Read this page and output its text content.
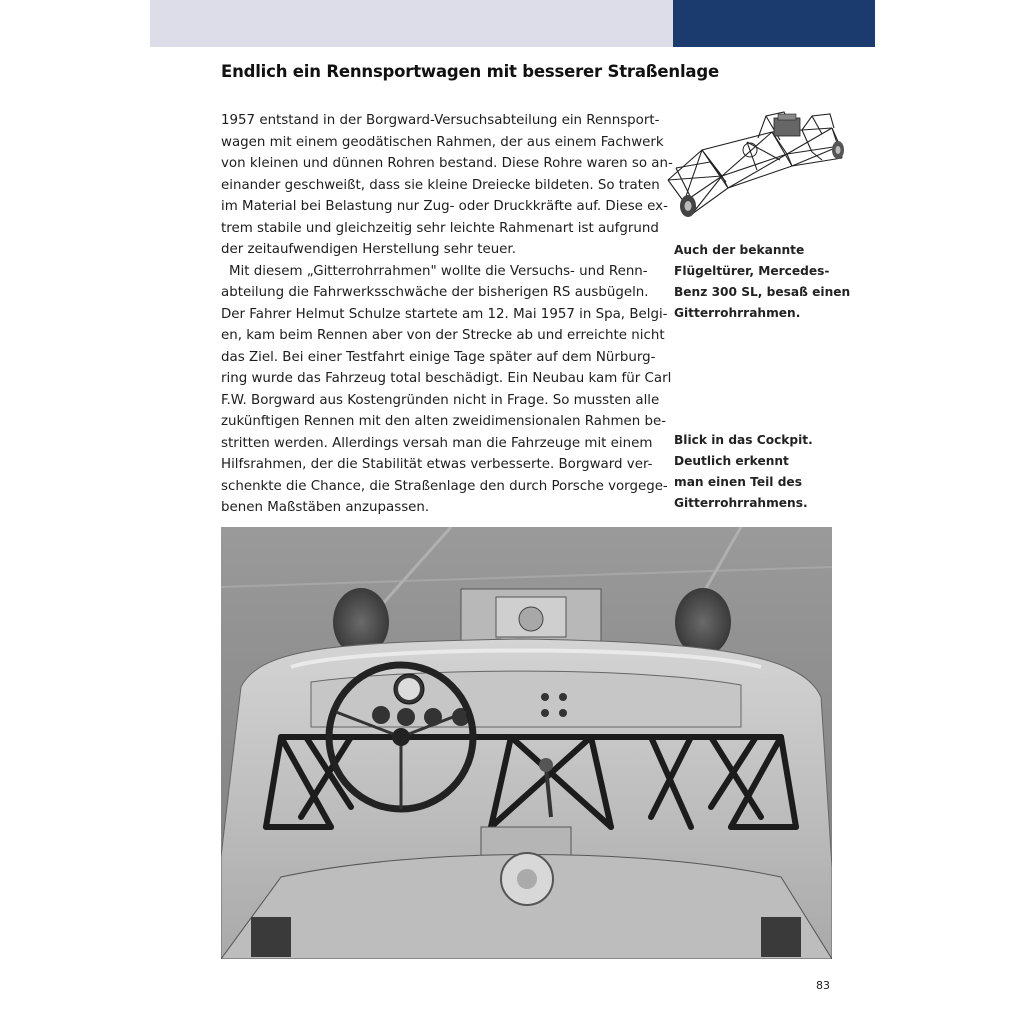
Endlich ein Rennsportwagen mit besserer Straßenlage

1957 entstand in der Borgward-Versuchsabteilung ein Rennsport-
wagen mit einem geodätischen Rahmen, der aus einem Fachwerk
von kleinen und dünnen Rohren bestand. Diese Rohre waren so an-
einander geschweißt, dass sie kleine Dreiecke bildeten. So traten
im Material bei Belastung nur Zug- oder Druckkräfte auf. Diese ex-
trem stabile und gleichzeitig sehr leichte Rahmenart ist aufgrund
der zeitaufwendigen Herstellung sehr teuer.

Mit diesem „Gitterrohrrahmen" wollte die Versuchs- und Renn-
abteilung die Fahrwerksschwäche der bisherigen RS ausbügeln.
Der Fahrer Helmut Schulze startete am 12. Mai 1957 in Spa, Belgi-
en, kam beim Rennen aber von der Strecke ab und erreichte nicht
das Ziel. Bei einer Testfahrt einige Tage später auf dem Nürburg-
ring wurde das Fahrzeug total beschädigt. Ein Neubau kam für Carl
F.W. Borgward aus Kostengründen nicht in Frage. So mussten alle
zukünftigen Rennen mit den alten zweidimensionalen Rahmen be-
stritten werden. Allerdings versah man die Fahrzeuge mit einem
Hilfsrahmen, der die Stabilität etwas verbesserte. Borgward ver-
schenkte die Chance, die Straßenlage den durch Porsche vorgege-
benen Maßstäben anzupassen.

Auch der bekannte
Flügeltürer, Mercedes-
Benz 300 SL, besaß einen
Gitterrohrrahmen.
Blick in das Cockpit.
Deutlich erkennt
man einen Teil des
Gitterrohrrahmens.
83
